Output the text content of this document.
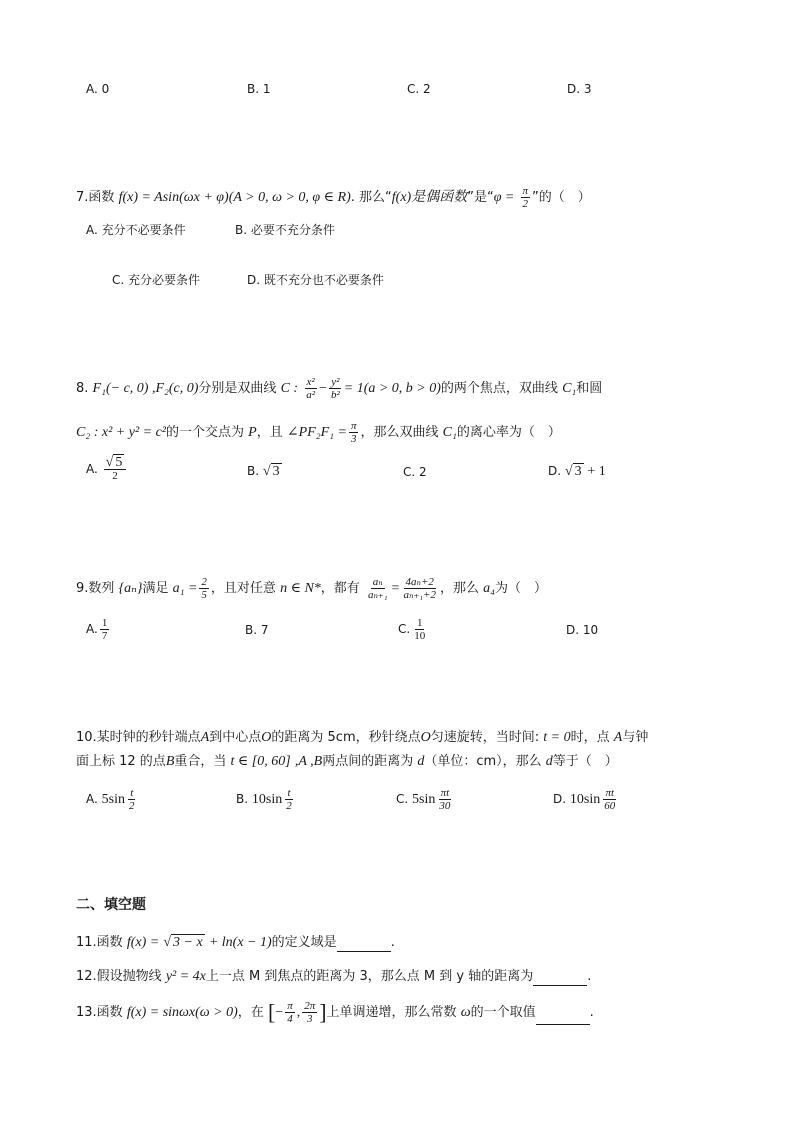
A. 0	B. 1	C. 2	D. 3
7.函数 f(x) = Asin(ωx + φ)(A > 0, ω > 0, φ ∈ R). 那么“f(x)是偶函数”是“$\varphi = \frac{\pi}{2}$ ”的（　）
A. 充分不必要条件	B. 必要不充分条件
C. 充分必要条件	D. 既不充分也不必要条件
8. F₁(− c, 0) ,F₂(c, 0)分别是双曲线 C : $\frac{\text{x²}}{\text{a²}} - \frac{\text{y²}}{\text{b²}} = 1(a > 0$, b > 0)的两个焦点，双曲线 C₁和圆
C₂ : x² + y² = c²的一个交点为 P，且 ∠PF₂F₁ = $\frac{\pi}{3}$ ，那么双曲线 C₁的离心率为（　）
A. $\frac{√ 5}{2}$	B. √ 3	C. 2	D. √ 3 + 1
9.数列 {aₙ}满足 $a_1 = \frac{2}{5}$ ，且对任意 n ∈ N*，都有 $\frac{\text{aₙ}}{\text{aₙ₊₁}} = \frac{\text{4aₙ+2}}{\text{aₙ₊₁+2}}$ ，那么 a₄为（　）
A. $\frac{1}{7}$	B. 7	C. $\frac{1}{10}$	D. 10
10.某时钟的秒针端点A到中心点O的距离为 5cm，秒针绕点O匀速旋转，当时间: t = 0时，点 A与钟
面上标 12 的点B重合，当 t ∈ [0, 60] ,A ,B两点间的距离为 d（单位：cm），那么 d等于（　）
A. $5\sin \frac{t}{2}$	B. $10\sin \frac{t}{2}$	C. $5\sin \frac{\pi t}{30}$	D. $10\sin \frac{\pi t}{60}$
二、填空题
11.函数 f(x) = √ 3 − x + ln(x − 1)的定义域是	.
12.假设抛物线 y² = 4x上一点 M 到焦点的距离为 3，那么点 M 到 y 轴的距离为	.
13.函数 f(x) = sinωx(ω > 0)，在 [− $\frac{\pi}{4}$ , $\frac{2\pi}{3}$ ]上单调递增，那么常数 ω的一个取值	.
